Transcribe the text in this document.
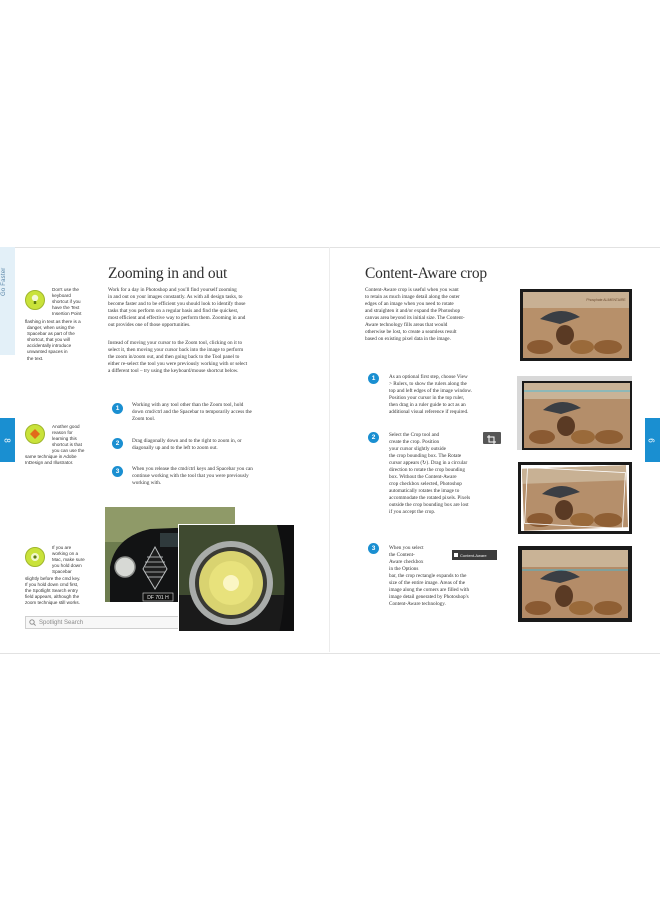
Go Faster
8	9
Don't use the
keyboard
shortcut if you
have the Text
Insertion Point
flashing in text as there is a
danger, when using the
Spacebar as part of the
shortcut, that you will
accidentally introduce
unwanted spaces in
the text.
Another good
reason for
learning this
shortcut is that
you can use the
same technique in Adobe
InDesign and Illustrator.
If you are
working on a
Mac, make sure
you hold down
Spacebar
slightly before the cmd key.
If you hold down cmd first,
the Spotlight Search entry
field appears, although the
zoom technique still works.
Spotlight Search
Zooming in and out
Work for a day in Photoshop and you'll find yourself zooming
in and out on your images constantly. As with all design tasks, to
become faster and to be efficient you should look to identify those
tasks that you perform on a regular basis and find the quickest,
most efficient and effective way to perform them. Zooming in and
out provides one of those opportunities.
Instead of moving your cursor to the Zoom tool, clicking on it to
select it, then moving your cursor back into the image to perform
the zoom in/zoom out, and then going back to the Tool panel to
either re-select the tool you were previously working with or select
a different tool – try using the keyboard/mouse shortcut below.
1	Working with any tool other than the Zoom tool, hold
down cmd/ctrl and the Spacebar to temporarily access the
Zoom tool.
2	Drag diagonally down and to the right to zoom in, or
diagonally up and to the left to zoom out.
3	When you release the cmd/ctrl keys and Spacebar you can
continue working with the tool that you were previously
working with.
DF 701 H
Content-Aware crop
Content-Aware crop is useful when you want
to retain as much image detail along the outer
edges of an image when you need to rotate
and straighten it and/or expand the Photoshop
canvas area beyond its initial size. The Content-
Aware technology fills areas that would
otherwise be lost, to create a seamless result
based on existing pixel data in the image.
1	As an optional first step, choose View
> Rulers, to show the rulers along the
top and left edges of the image window.
Position your cursor in the top ruler,
then drag in a ruler guide to act as an
additional visual reference if required.
2	Select the Crop tool and
create the crop. Position
your cursor slightly outside
the crop bounding box. The Rotate
cursor appears (↻). Drag in a circular
direction to rotate the crop bounding
box. Without the Content-Aware
crop checkbox selected, Photoshop
automatically rotates the image to
accommodate the rotated pixels. Pixels
outside the crop bounding box are lost
if you accept the crop.
3	When you select
the Content-
Aware checkbox
in the Options
bar, the crop rectangle expands to the
size of the entire image. Areas of the
image along the corners are filled with
image detail generated by Photoshop's
Content-Aware technology.
Content-Aware
Phosphate ALIMENTAIRE
